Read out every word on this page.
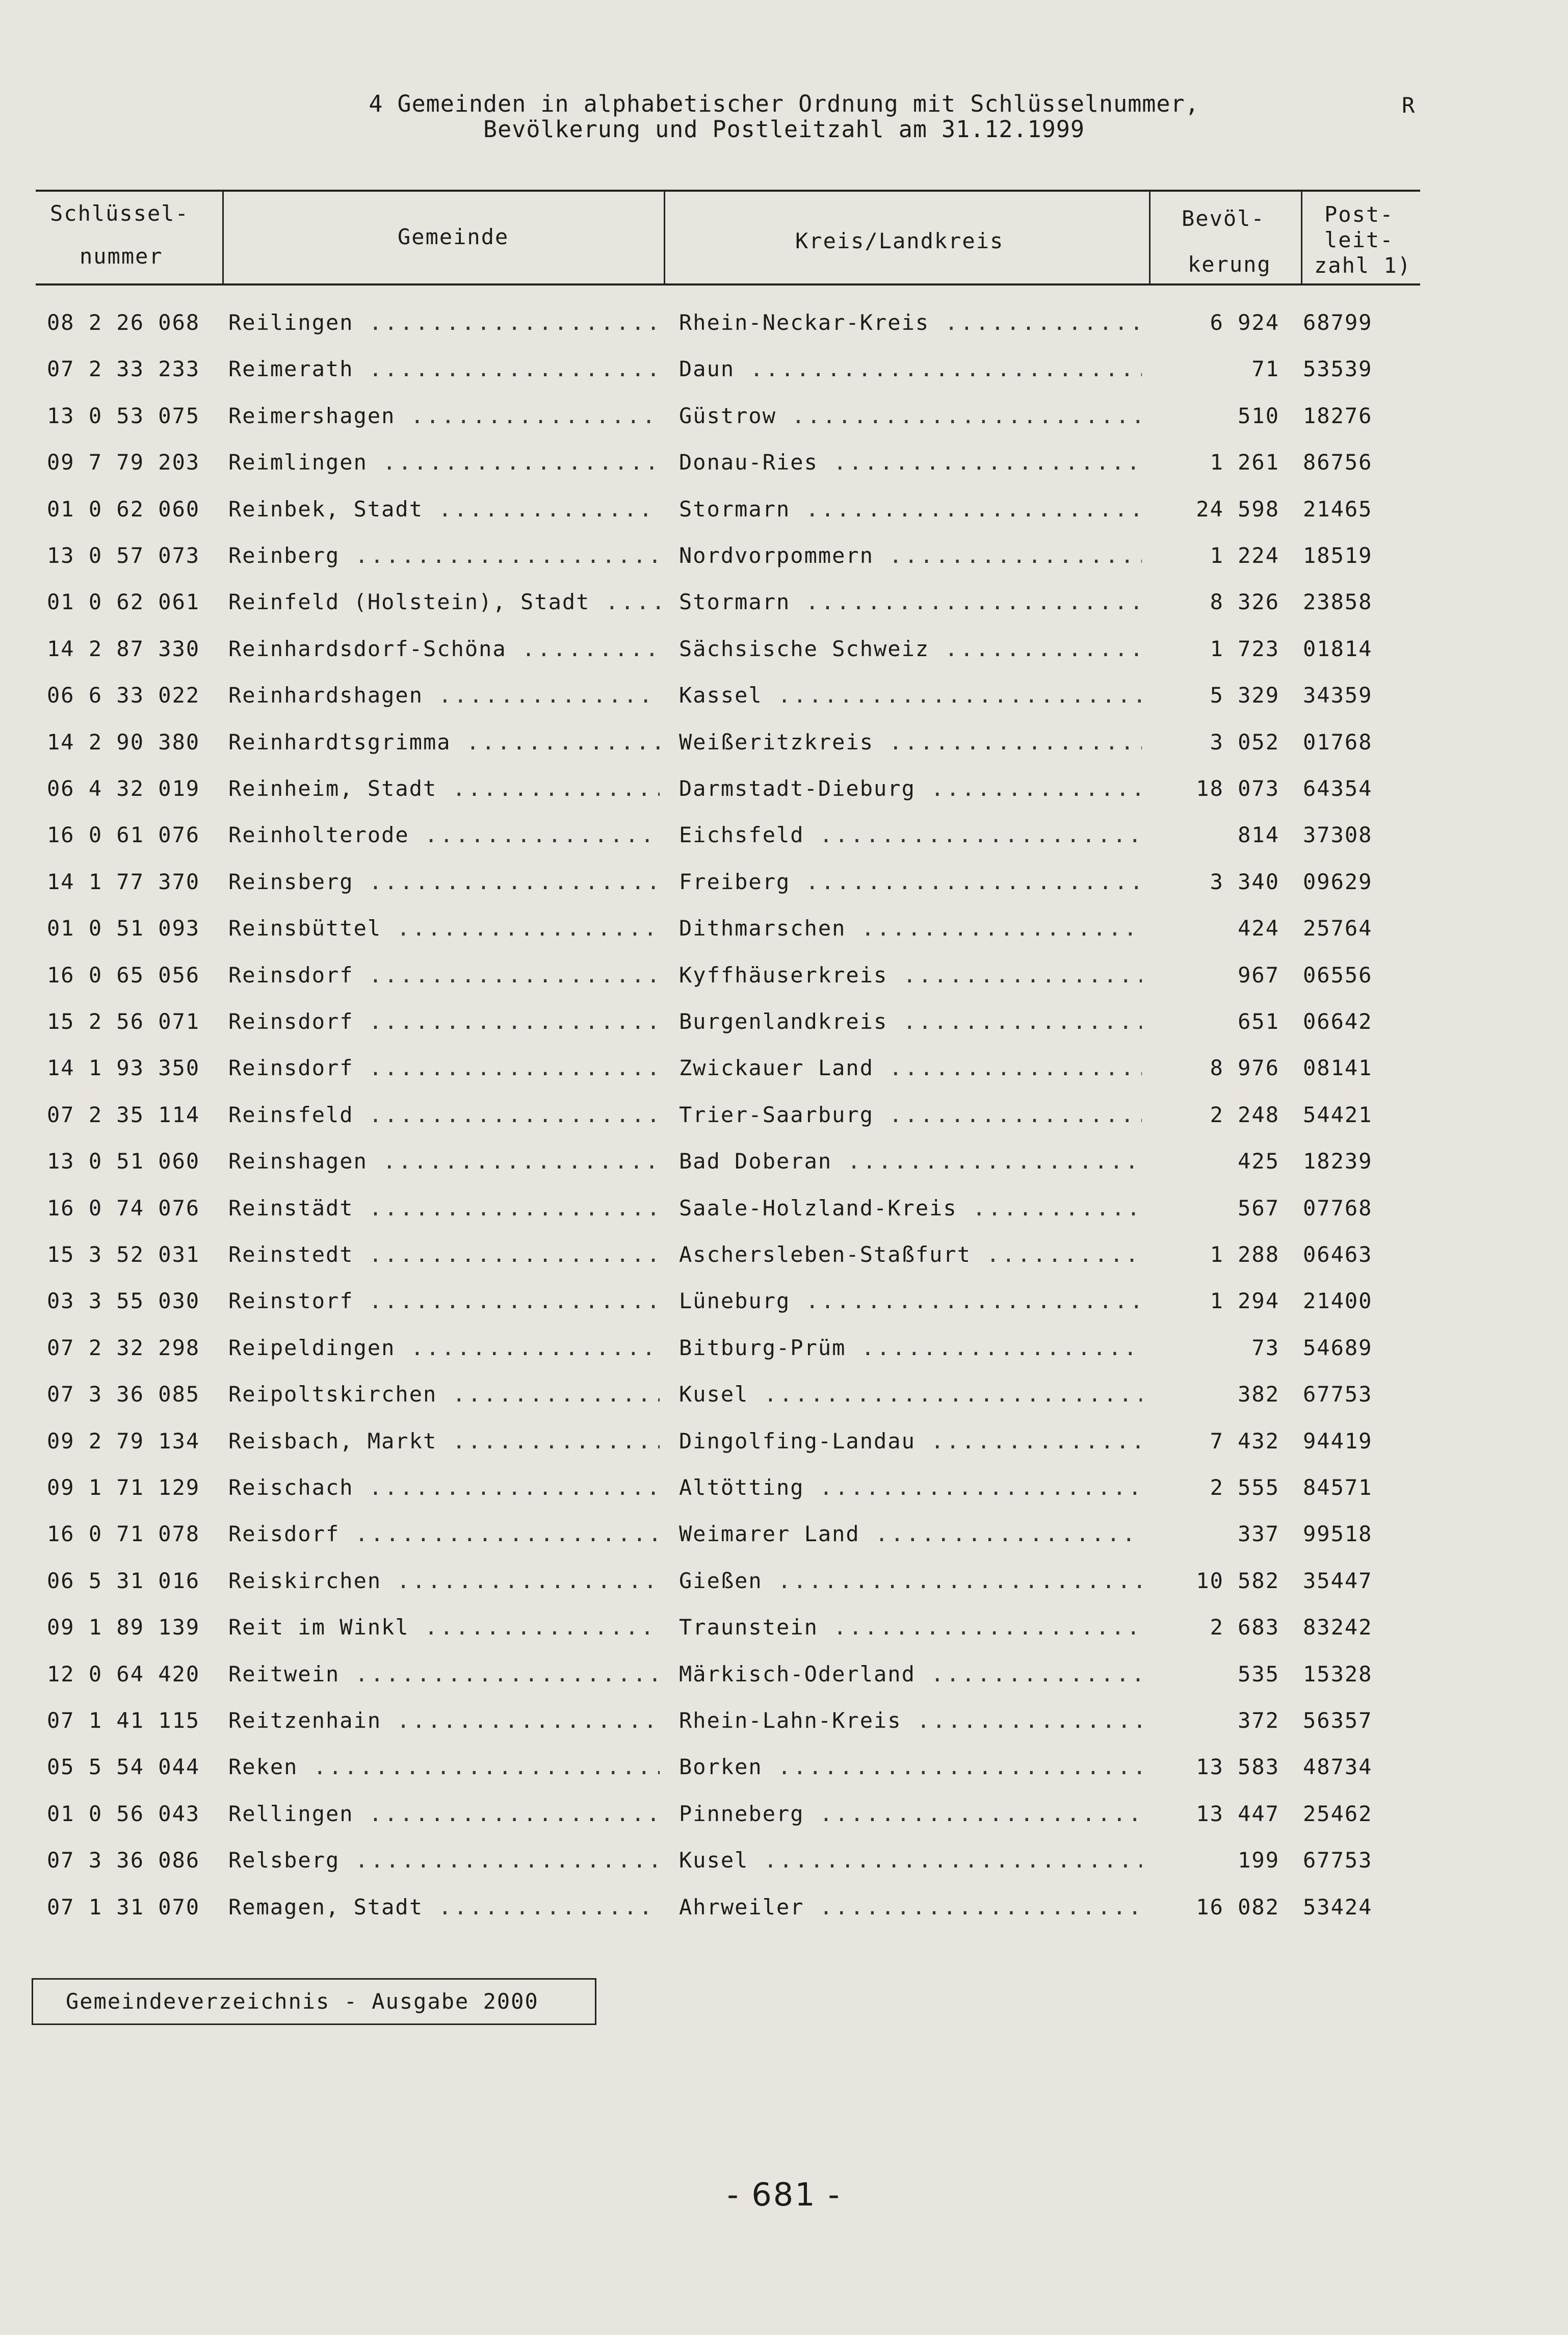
4 Gemeinden in alphabetischer Ordnung mit Schlüsselnummer,
Bevölkerung und Postleitzahl am 31.12.1999
R
Schlüssel-
nummer
Gemeinde	Kreis/Landkreis
Bevöl-
kerung
Post-
leit-
zahl 1)
08 2 26 068 Reilingen .....	Rhein-Neckar-Kreis .....	6 924 68799
07 2 33 233 Reimerath .....	Daun .....	71 53539
13 0 53 075 Reimershagen .....	Güstrow .....	510 18276
09 7 79 203 Reimlingen .....	Donau-Ries .....	1 261 86756
01 0 62 060 Reinbek, Stadt .....	Stormarn .....	24 598 21465
13 0 57 073 Reinberg .....	Nordvorpommern .....	1 224 18519
01 0 62 061 Reinfeld (Holstein), Stadt .....	Stormarn .....	8 326 23858
14 2 87 330 Reinhardsdorf-Schöna .....	Sächsische Schweiz .....	1 723 01814
06 6 33 022 Reinhardshagen .....	Kassel .....	5 329 34359
14 2 90 380 Reinhardtsgrimma .....	Weißeritzkreis .....	3 052 01768
06 4 32 019 Reinheim, Stadt .....	Darmstadt-Dieburg .....	18 073 64354
16 0 61 076 Reinholterode .....	Eichsfeld .....	814 37308
14 1 77 370 Reinsberg .....	Freiberg .....	3 340 09629
01 0 51 093 Reinsbüttel .....	Dithmarschen .....	424 25764
16 0 65 056 Reinsdorf .....	Kyffhäuserkreis .....	967 06556
15 2 56 071 Reinsdorf .....	Burgenlandkreis .....	651 06642
14 1 93 350 Reinsdorf .....	Zwickauer Land .....	8 976 08141
07 2 35 114 Reinsfeld .....	Trier-Saarburg .....	2 248 54421
13 0 51 060 Reinshagen .....	Bad Doberan .....	425 18239
16 0 74 076 Reinstädt .....	Saale-Holzland-Kreis .....	567 07768
15 3 52 031 Reinstedt .....	Aschersleben-Staßfurt .....	1 288 06463
03 3 55 030 Reinstorf .....	Lüneburg .....	1 294 21400
07 2 32 298 Reipeldingen .....	Bitburg-Prüm .....	73 54689
07 3 36 085 Reipoltskirchen .....	Kusel .....	382 67753
09 2 79 134 Reisbach, Markt .....	Dingolfing-Landau .....	7 432 94419
09 1 71 129 Reischach .....	Altötting .....	2 555 84571
16 0 71 078 Reisdorf .....	Weimarer Land .....	337 99518
06 5 31 016 Reiskirchen .....	Gießen .....	10 582 35447
09 1 89 139 Reit im Winkl .....	Traunstein .....	2 683 83242
12 0 64 420 Reitwein .....	Märkisch-Oderland .....	535 15328
07 1 41 115 Reitzenhain .....	Rhein-Lahn-Kreis .....	372 56357
05 5 54 044 Reken .....	Borken .....	13 583 48734
01 0 56 043 Rellingen .....	Pinneberg .....	13 447 25462
07 3 36 086 Relsberg .....	Kusel .....	199 67753
07 1 31 070 Remagen, Stadt .....	Ahrweiler .....	16 082 53424
Gemeindeverzeichnis - Ausgabe 2000
- 681 -
